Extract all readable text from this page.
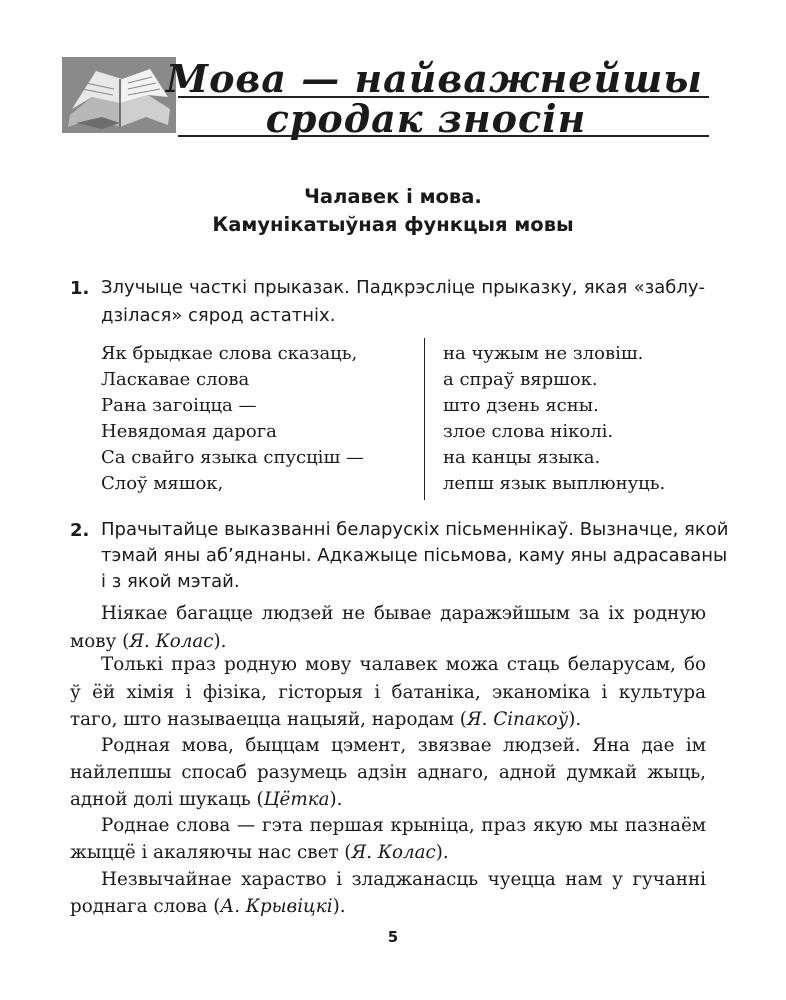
Мова — найважнейшы
сродак зносін
Чалавек і мова.
Камунікатыўная функцыя мовы
1. Злучыце часткі прыказак. Падкрэсліце прыказку, якая «заблу-
дзілася» сярод астатніх.
Як брыдкае слова сказаць,
Ласкавае слова
Рана загоіцца —
Невядомая дарога
Са свайго языка спусціш —
Слоў мяшок,
на чужым не зловіш.
а спраў вяршок.
што дзень ясны.
злое слова ніколі.
на канцы языка.
лепш язык выплюнуць.
2. Прачытайце выказванні беларускіх пісьменнікаў. Вызначце, якой
тэмай яны аб’яднаны. Адкажыце пісьмова, каму яны адрасаваны
і з якой мэтай.
Ніякае багацце людзей не бывае даражэйшым за іх родную
мову (Я. Колас).
Толькі праз родную мову чалавек можа стаць беларусам, бо
ў ёй хімія і фізіка, гісторыя і батаніка, эканоміка і культура
таго, што называецца нацыяй, народам (Я. Сіпакоў).
Родная мова, быццам цэмент, звязвае людзей. Яна дае ім
найлепшы спосаб разумець адзін аднаго, адной думкай жыць,
адной долі шукаць (Цётка).
Роднае слова — гэта першая крыніца, праз якую мы пазнаём
жыццё і акаляючы нас свет (Я. Колас).
Незвычайнае хараство і зладжанасць чуецца нам у гучанні
роднага слова (А. Крывіцкі).
5
